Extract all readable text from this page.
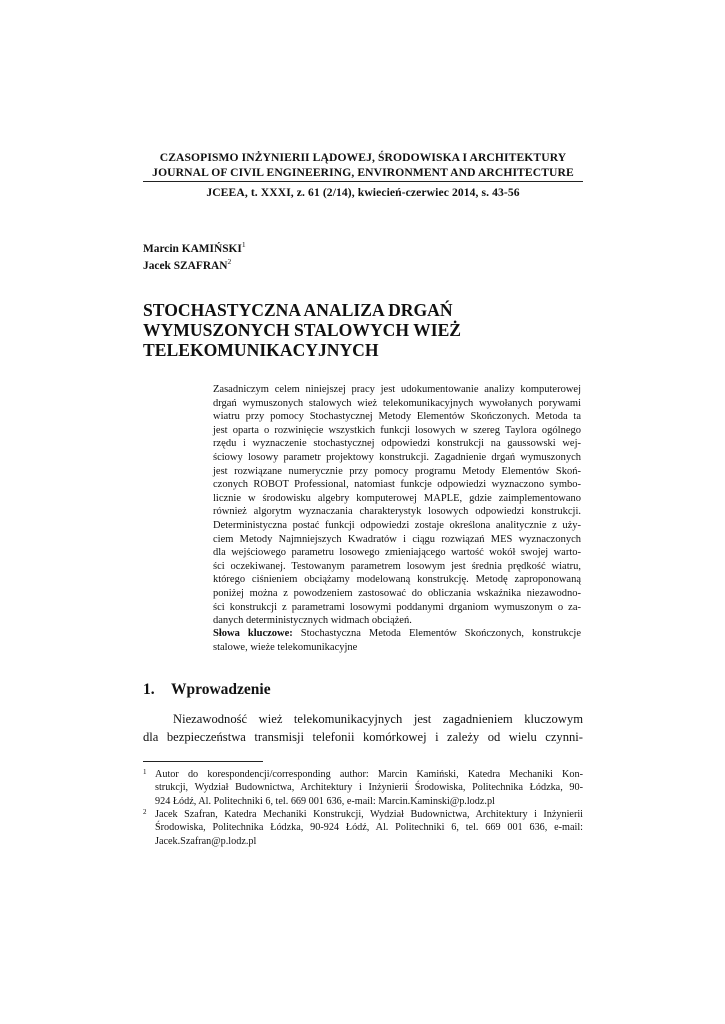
CZASOPISMO INŻYNIERII LĄDOWEJ, ŚRODOWISKA I ARCHITEKTURY
JOURNAL OF CIVIL ENGINEERING, ENVIRONMENT AND ARCHITECTURE
JCEEA, t. XXXI, z. 61 (2/14), kwiecień-czerwiec 2014, s. 43-56
Marcin KAMIŃSKI$^1$
Jacek SZAFRAN$^2$
STOCHASTYCZNA ANALIZA DRGAŃ
WYMUSZONYCH STALOWYCH WIEŻ
TELEKOMUNIKACYJNYCH
Zasadniczym celem niniejszej pracy jest udokumentowanie analizy komputerowej
drgań wymuszonych stalowych wież telekomunikacyjnych wywołanych porywami
wiatru przy pomocy Stochastycznej Metody Elementów Skończonych. Metoda ta
jest oparta o rozwinięcie wszystkich funkcji losowych w szereg Taylora ogólnego
rzędu i wyznaczenie stochastycznej odpowiedzi konstrukcji na gaussowski wej-
ściowy losowy parametr projektowy konstrukcji. Zagadnienie drgań wymuszonych
jest rozwiązane numerycznie przy pomocy programu Metody Elementów Skoń-
czonych ROBOT Professional, natomiast funkcje odpowiedzi wyznaczono symbo-
licznie w środowisku algebry komputerowej MAPLE, gdzie zaimplementowano
również algorytm wyznaczania charakterystyk losowych odpowiedzi konstrukcji.
Deterministyczna postać funkcji odpowiedzi zostaje określona analitycznie z uży-
ciem Metody Najmniejszych Kwadratów i ciągu rozwiązań MES wyznaczonych
dla wejściowego parametru losowego zmieniającego wartość wokół swojej warto-
ści oczekiwanej. Testowanym parametrem losowym jest średnia prędkość wiatru,
którego ciśnieniem obciążamy modelowaną konstrukcję. Metodę zaproponowaną
poniżej można z powodzeniem zastosować do obliczania wskaźnika niezawodno-
ści konstrukcji z parametrami losowymi poddanymi drganiom wymuszonym o za-
danych deterministycznych widmach obciążeń.
Słowa kluczowe: Stochastyczna Metoda Elementów Skończonych, konstrukcje stalowe, wieże telekomunikacyjne
1. Wprowadzenie
Niezawodność wież telekomunikacyjnych jest zagadnieniem kluczowym
dla bezpieczeństwa transmisji telefonii komórkowej i zależy od wielu czynni-
1 Autor do korespondencji/corresponding author: Marcin Kamiński, Katedra Mechaniki Kon-
strukcji, Wydział Budownictwa, Architektury i Inżynierii Środowiska, Politechnika Łódzka, 90-
924 Łódź, Al. Politechniki 6, tel. 669 001 636, e-mail: Marcin.Kaminski@p.lodz.pl
2 Jacek Szafran, Katedra Mechaniki Konstrukcji, Wydział Budownictwa, Architektury i Inżynierii
Środowiska, Politechnika Łódzka, 90-924 Łódź, Al. Politechniki 6, tel. 669 001 636, e-mail:
Jacek.Szafran@p.lodz.pl
